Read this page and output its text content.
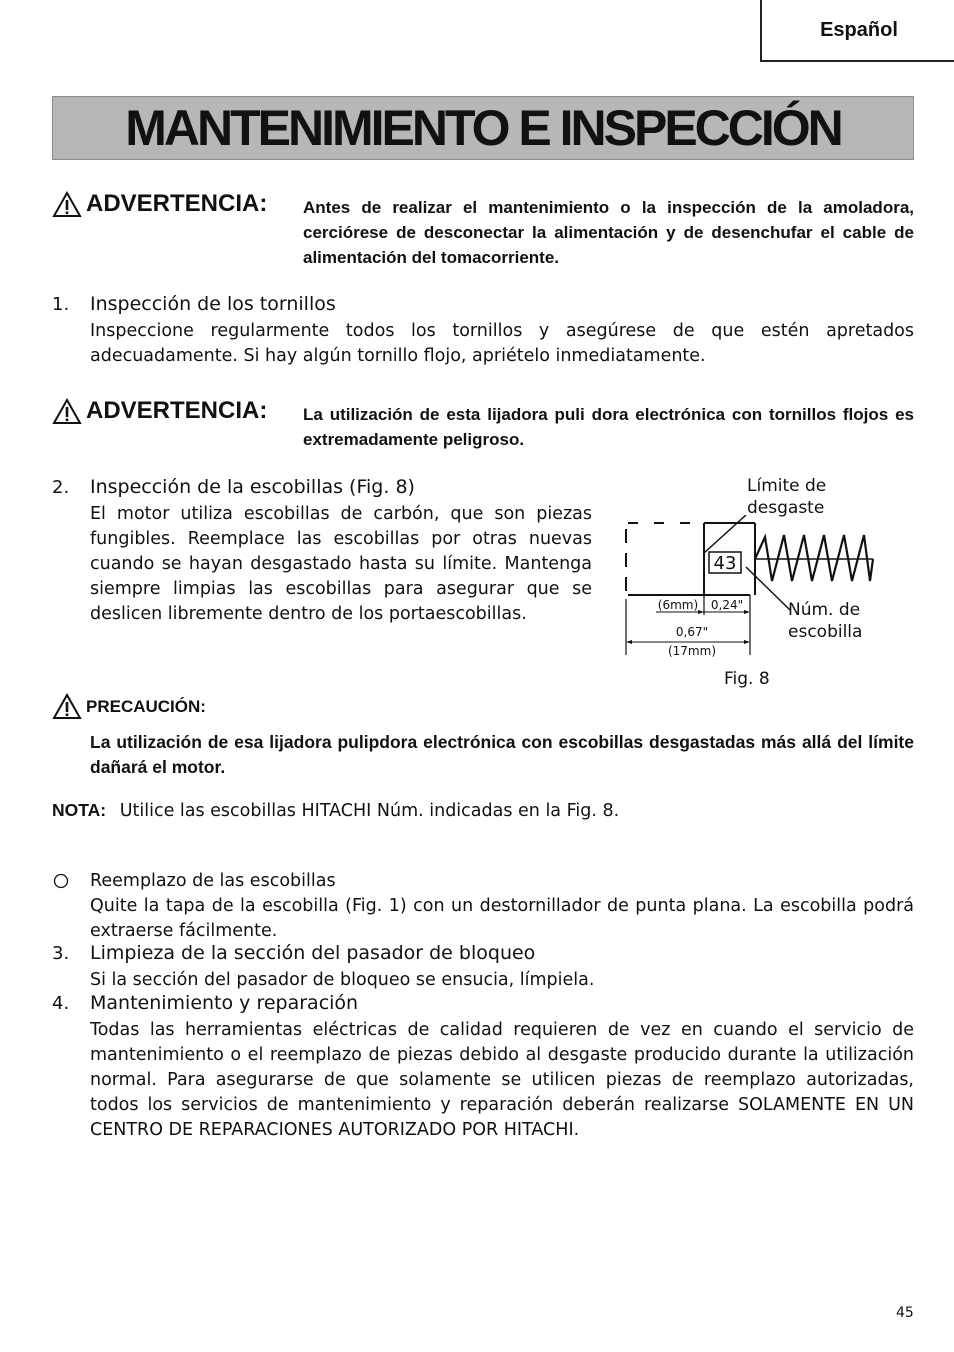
Español
MANTENIMIENTO E INSPECCIÓN
ADVERTENCIA: Antes de realizar el mantenimiento o la inspección de la amoladora, cerciórese de desconectar la alimentación y de desenchufar el cable de alimentación del tomacorriente.
1. Inspección de los tornillos
Inspeccione regularmente todos los tornillos y asegúrese de que estén apretados adecuadamente. Si hay algún tornillo flojo, apriételo inmediatamente.
ADVERTENCIA: La utilización de esta lijadora puli dora electrónica con tornillos flojos es extremadamente peligroso.
2. Inspección de la escobillas (Fig. 8)
El motor utiliza escobillas de carbón, que son piezas fungibles. Reemplace las escobillas por otras nuevas cuando se hayan desgastado hasta su límite. Mantenga siempre limpias las escobillas para asegurar que se deslicen libremente dentro de los portaescobillas.
Límite de
desgaste
Núm. de
escobilla
43
(6mm) 0,24"
0,67"
(17mm)
Fig. 8
PRECAUCIÓN:
La utilización de esa lijadora pulipdora electrónica con escobillas desgastadas más allá del límite dañará el motor.
NOTA: Utilice las escobillas HITACHI Núm. indicadas en la Fig. 8.
Reemplazo de las escobillas
Quite la tapa de la escobilla (Fig. 1) con un destornillador de punta plana. La escobilla podrá extraerse fácilmente.
3. Limpieza de la sección del pasador de bloqueo
Si la sección del pasador de bloqueo se ensucia, límpiela.
4. Mantenimiento y reparación
Todas las herramientas eléctricas de calidad requieren de vez en cuando el servicio de mantenimiento o el reemplazo de piezas debido al desgaste producido durante la utilización normal. Para asegurarse de que solamente se utilicen piezas de reemplazo autorizadas, todos los servicios de mantenimiento y reparación deberán realizarse SOLAMENTE EN UN CENTRO DE REPARACIONES AUTORIZADO POR HITACHI.
45
